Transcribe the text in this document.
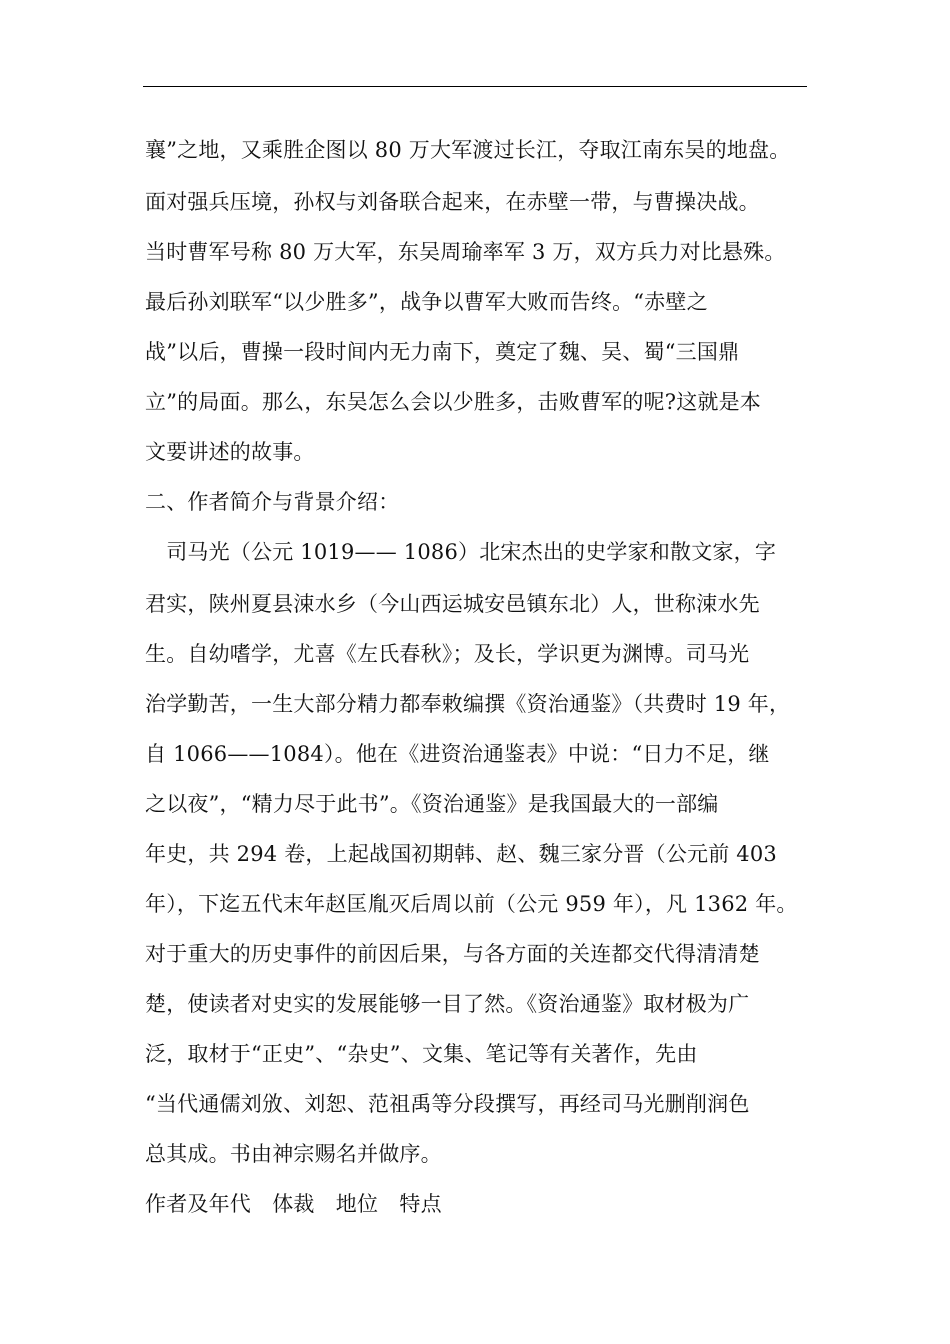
襄”之地，又乘胜企图以 80 万大军渡过长江，夺取江南东吴的地盘。
面对强兵压境，孙权与刘备联合起来，在赤壁一带，与曹操决战。
当时曹军号称 80 万大军，东吴周瑜率军 3 万，双方兵力对比悬殊。
最后孙刘联军“以少胜多”，战争以曹军大败而告终。“赤壁之
战”以后，曹操一段时间内无力南下，奠定了魏、吴、蜀“三国鼎
立”的局面。那么，东吴怎么会以少胜多，击败曹军的呢?这就是本
文要讲述的故事。
二、作者简介与背景介绍：
　司马光（公元 1019—— 1086）北宋杰出的史学家和散文家，字
君实，陕州夏县涑水乡（今山西运城安邑镇东北）人，世称涑水先
生。自幼嗜学，尤喜《左氏春秋》；及长，学识更为渊博。司马光
治学勤苦，一生大部分精力都奉敕编撰《资治通鉴》（共费时 19 年，
自 1066——1084）。他在《进资治通鉴表》中说：“日力不足，继
之以夜”，“精力尽于此书”。《资治通鉴》是我国最大的一部编
年史，共 294 卷，上起战国初期韩、赵、魏三家分晋（公元前 403
年），下迄五代末年赵匡胤灭后周以前（公元 959 年），凡 1362 年。
对于重大的历史事件的前因后果，与各方面的关连都交代得清清楚
楚，使读者对史实的发展能够一目了然。《资治通鉴》取材极为广
泛，取材于“正史”、“杂史”、文集、笔记等有关著作，先由
“当代通儒刘攽、刘恕、范祖禹等分段撰写，再经司马光删削润色
总其成。书由神宗赐名并做序。
作者及年代　体裁　地位　特点
